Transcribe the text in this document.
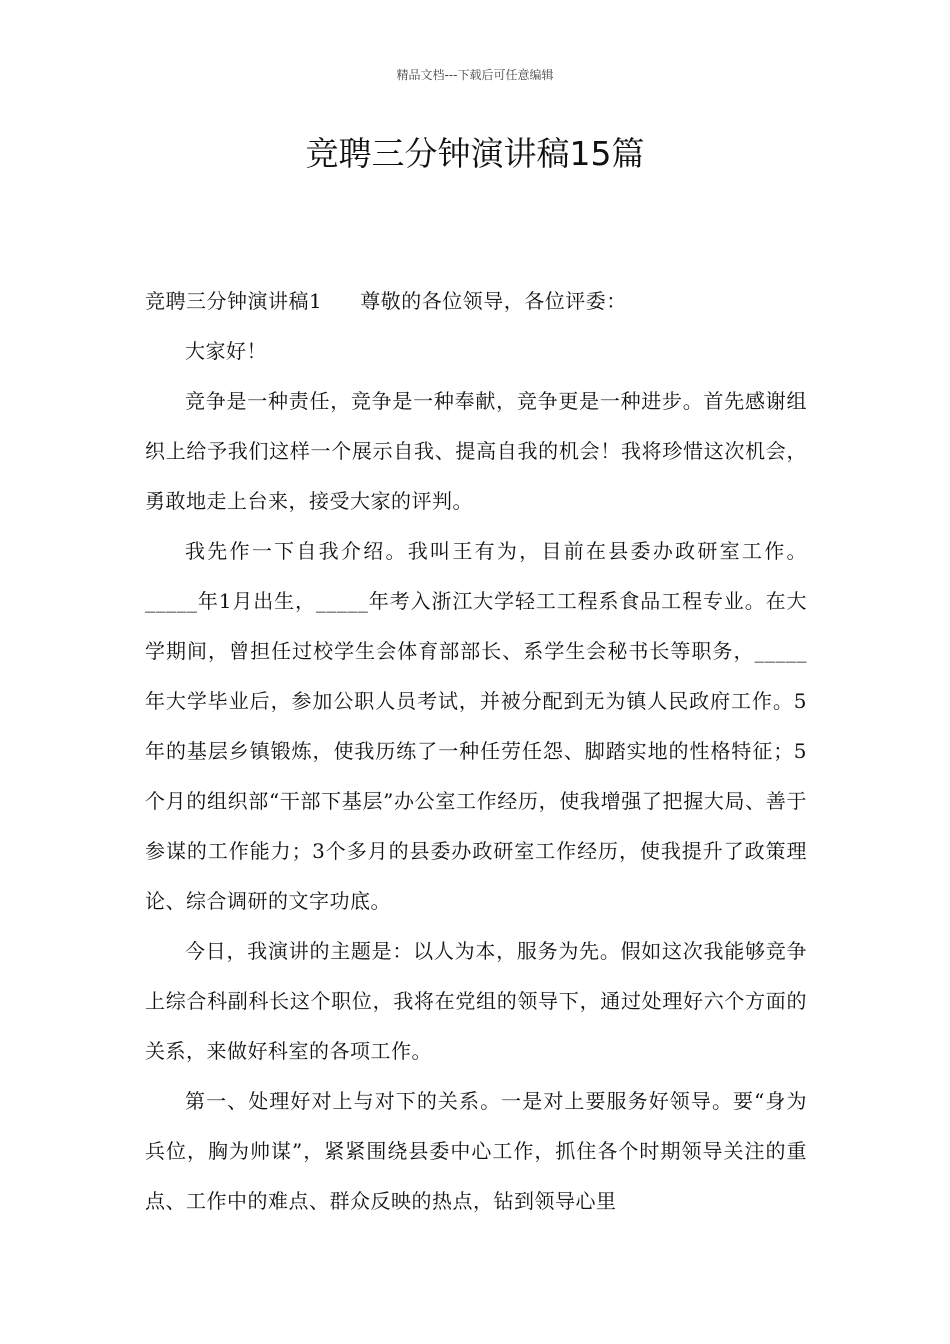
精品文档---下载后可任意编辑
竞聘三分钟演讲稿15篇

竞聘三分钟演讲稿1 尊敬的各位领导，各位评委：

大家好！

竞争是一种责任，竞争是一种奉献，竞争更是一种进步。首先感谢组织上给予我们这样一个展示自我、提高自我的机会！我将珍惜这次机会，勇敢地走上台来，接受大家的评判。

我先作一下自我介绍。我叫王有为，目前在县委办政研室工作。_____年1月出生，_____年考入浙江大学轻工工程系食品工程专业。在大学期间，曾担任过校学生会体育部部长、系学生会秘书长等职务，_____年大学毕业后，参加公职人员考试，并被分配到无为镇人民政府工作。5年的基层乡镇锻炼，使我历练了一种任劳任怨、脚踏实地的性格特征；5个月的组织部“干部下基层”办公室工作经历，使我增强了把握大局、善于参谋的工作能力；3个多月的县委办政研室工作经历，使我提升了政策理论、综合调研的文字功底。

今日，我演讲的主题是：以人为本，服务为先。假如这次我能够竞争上综合科副科长这个职位，我将在党组的领导下，通过处理好六个方面的关系，来做好科室的各项工作。

第一、处理好对上与对下的关系。一是对上要服务好领导。要“身为兵位，胸为帅谋”，紧紧围绕县委中心工作，抓住各个时期领导关注的重点、工作中的难点、群众反映的热点，钻到领导心里
